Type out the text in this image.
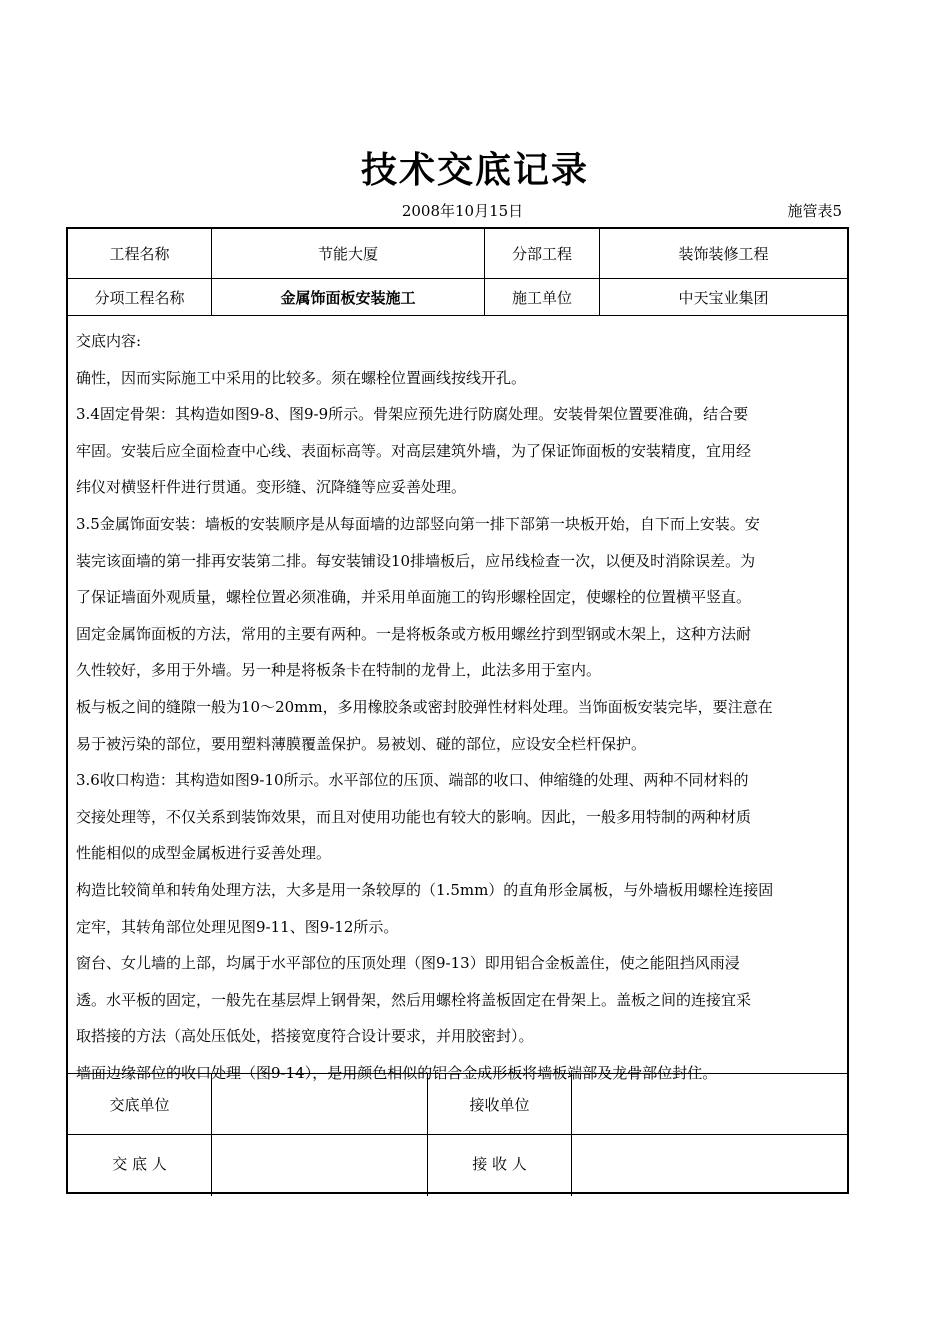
技术交底记录
2008年10月15日	施管表5
工程名称	节能大厦	分部工程	装饰装修工程
分项工程名称	金属饰面板安装施工	施工单位	中天宝业集团
交底内容:
确性，因而实际施工中采用的比较多。须在螺栓位置画线按线开孔。
3.4固定骨架：其构造如图9-8、图9-9所示。骨架应预先进行防腐处理。安装骨架位置要准确，结合要
牢固。安装后应全面检查中心线、表面标高等。对高层建筑外墙，为了保证饰面板的安装精度，宜用经
纬仪对横竖杆件进行贯通。变形缝、沉降缝等应妥善处理。
3.5金属饰面安装：墙板的安装顺序是从每面墙的边部竖向第一排下部第一块板开始，自下而上安装。安
装完该面墙的第一排再安装第二排。每安装铺设10排墙板后，应吊线检查一次，以便及时消除误差。为
了保证墙面外观质量，螺栓位置必须准确，并采用单面施工的钩形螺栓固定，使螺栓的位置横平竖直。
固定金属饰面板的方法，常用的主要有两种。一是将板条或方板用螺丝拧到型钢或木架上，这种方法耐
久性较好，多用于外墙。另一种是将板条卡在特制的龙骨上，此法多用于室内。
板与板之间的缝隙一般为10～20mm，多用橡胶条或密封胶弹性材料处理。当饰面板安装完毕，要注意在
易于被污染的部位，要用塑料薄膜覆盖保护。易被划、碰的部位，应设安全栏杆保护。
3.6收口构造：其构造如图9-10所示。水平部位的压顶、端部的收口、伸缩缝的处理、两种不同材料的
交接处理等，不仅关系到装饰效果，而且对使用功能也有较大的影响。因此，一般多用特制的两种材质
性能相似的成型金属板进行妥善处理。
构造比较简单和转角处理方法，大多是用一条较厚的（1.5mm）的直角形金属板，与外墙板用螺栓连接固
定牢，其转角部位处理见图9-11、图9-12所示。
窗台、女儿墙的上部，均属于水平部位的压顶处理（图9-13）即用铝合金板盖住，使之能阻挡风雨浸
透。水平板的固定，一般先在基层焊上钢骨架，然后用螺栓将盖板固定在骨架上。盖板之间的连接宜采
取搭接的方法（高处压低处，搭接宽度符合设计要求，并用胶密封）。
墙面边缘部位的收口处理（图9-14），是用颜色相似的铝合金成形板将墙板端部及龙骨部位封住。
交底单位	接收单位
交 底 人	接 收 人
